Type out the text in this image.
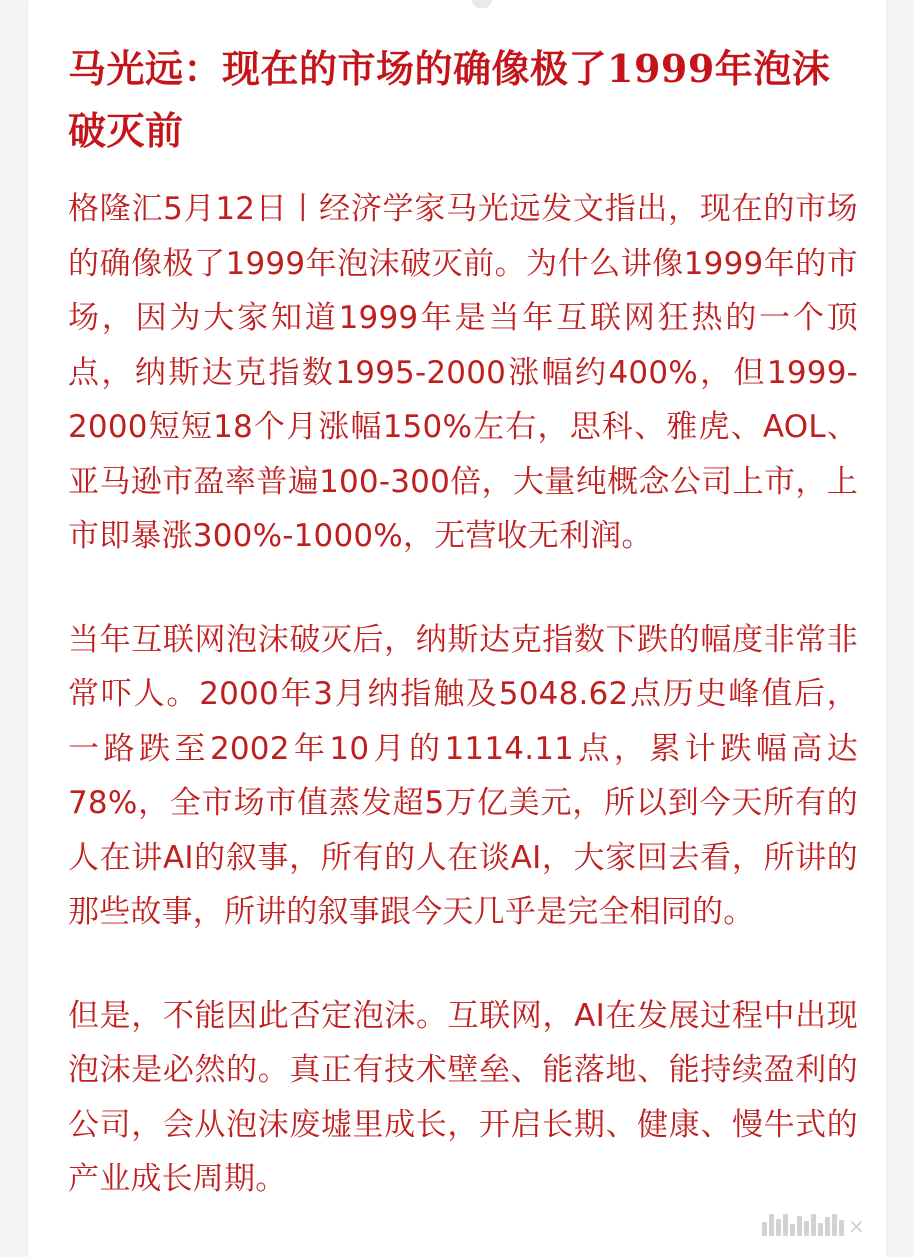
马光远：现在的市场的确像极了1999年泡沫破灭前

格隆汇5月12日丨经济学家马光远发文指出，现在的市场的确像极了1999年泡沫破灭前。为什么讲像1999年的市场，因为大家知道1999年是当年互联网狂热的一个顶点，纳斯达克指数1995-2000涨幅约400%，但1999-2000短短18个月涨幅150%左右，思科、雅虎、AOL、亚马逊市盈率普遍100-300倍，大量纯概念公司上市，上市即暴涨300%-1000%，无营收无利润。

当年互联网泡沫破灭后，纳斯达克指数下跌的幅度非常非常吓人。2000年3月纳指触及5048.62点历史峰值后，一路跌至2002年10月的1114.11点，累计跌幅高达78%，全市场市值蒸发超5万亿美元，所以到今天所有的人在讲AI的叙事，所有的人在谈AI，大家回去看，所讲的那些故事，所讲的叙事跟今天几乎是完全相同的。

但是，不能因此否定泡沫。互联网，AI在发展过程中出现泡沫是必然的。真正有技术壁垒、能落地、能持续盈利的公司，会从泡沫废墟里成长，开启长期、健康、慢牛式的产业成长周期。

×
